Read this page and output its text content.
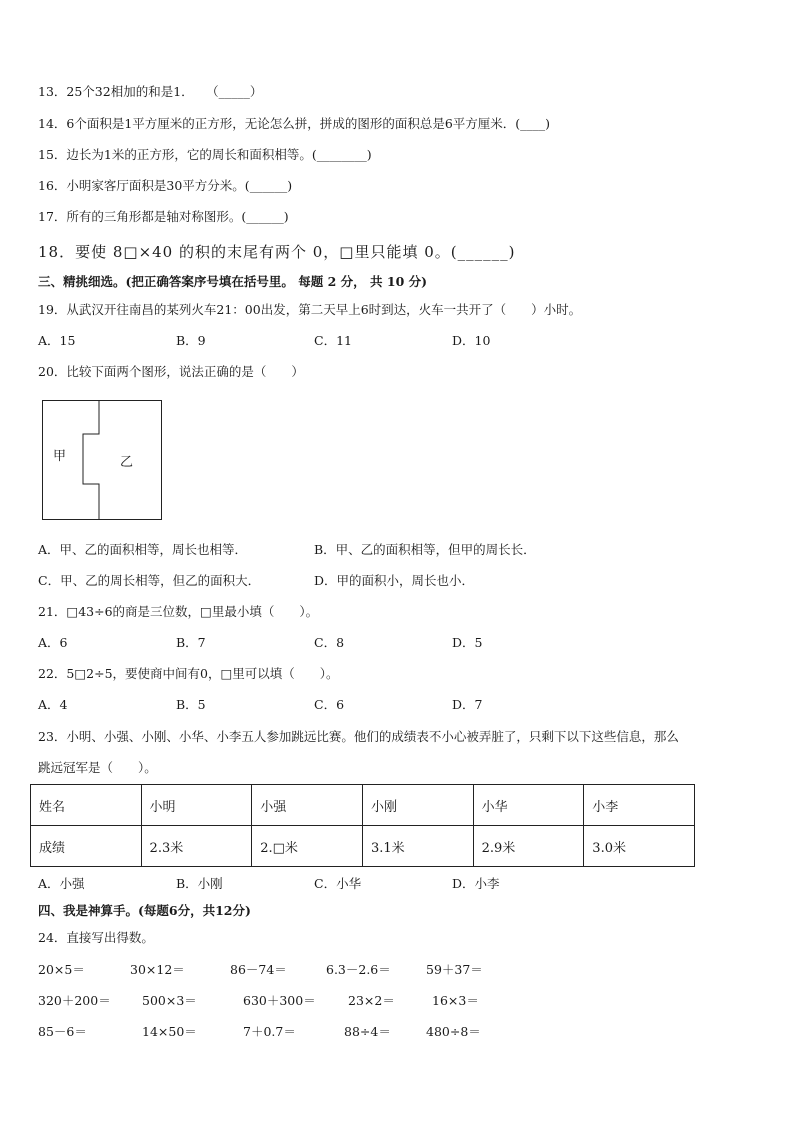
13．25个32相加的和是1．　　（_____）
14．6个面积是1平方厘米的正方形，无论怎么拼，拼成的图形的面积总是6平方厘米．(____)
15．边长为1米的正方形，它的周长和面积相等。(________)
16．小明家客厅面积是30平方分米。(______)
17．所有的三角形都是轴对称图形。(______)
18．要使 8□×40 的积的末尾有两个 0，□里只能填 0。(______)
三、精挑细选。(把正确答案序号填在括号里。 每题 2 分， 共 10 分)
19．从武汉开往南昌的某列火车21：00出发，第二天早上6时到达，火车一共开了（　　）小时。
A．15	B．9	C．11	D．10
20．比较下面两个图形，说法正确的是（　　）
甲	乙
A．甲、乙的面积相等，周长也相等．	B．甲、乙的面积相等，但甲的周长长．
C．甲、乙的周长相等，但乙的面积大．	D．甲的面积小，周长也小．
21．□43÷6的商是三位数，□里最小填（　　）。
A．6	B．7	C．8	D．5
22．5□2÷5，要使商中间有0，□里可以填（　　）。
A．4	B．5	C．6	D．7
23．小明、小强、小刚、小华、小李五人参加跳远比赛。他们的成绩表不小心被弄脏了，只剩下以下这些信息，那么
跳远冠军是（　　）。
姓名	小明	小强	小刚	小华	小李
成绩	2.3米	2.□米	3.1米	2.9米	3.0米
A．小强	B．小刚	C．小华	D．小李
四、我是神算手。(每题6分，共12分)
24．直接写出得数。
20×5＝	30×12＝	86－74＝	6.3－2.6＝	59＋37＝
320＋200＝	500×3＝	630＋300＝	23×2＝	16×3＝
85－6＝	14×50＝	7＋0.7＝	88÷4＝	480÷8＝
